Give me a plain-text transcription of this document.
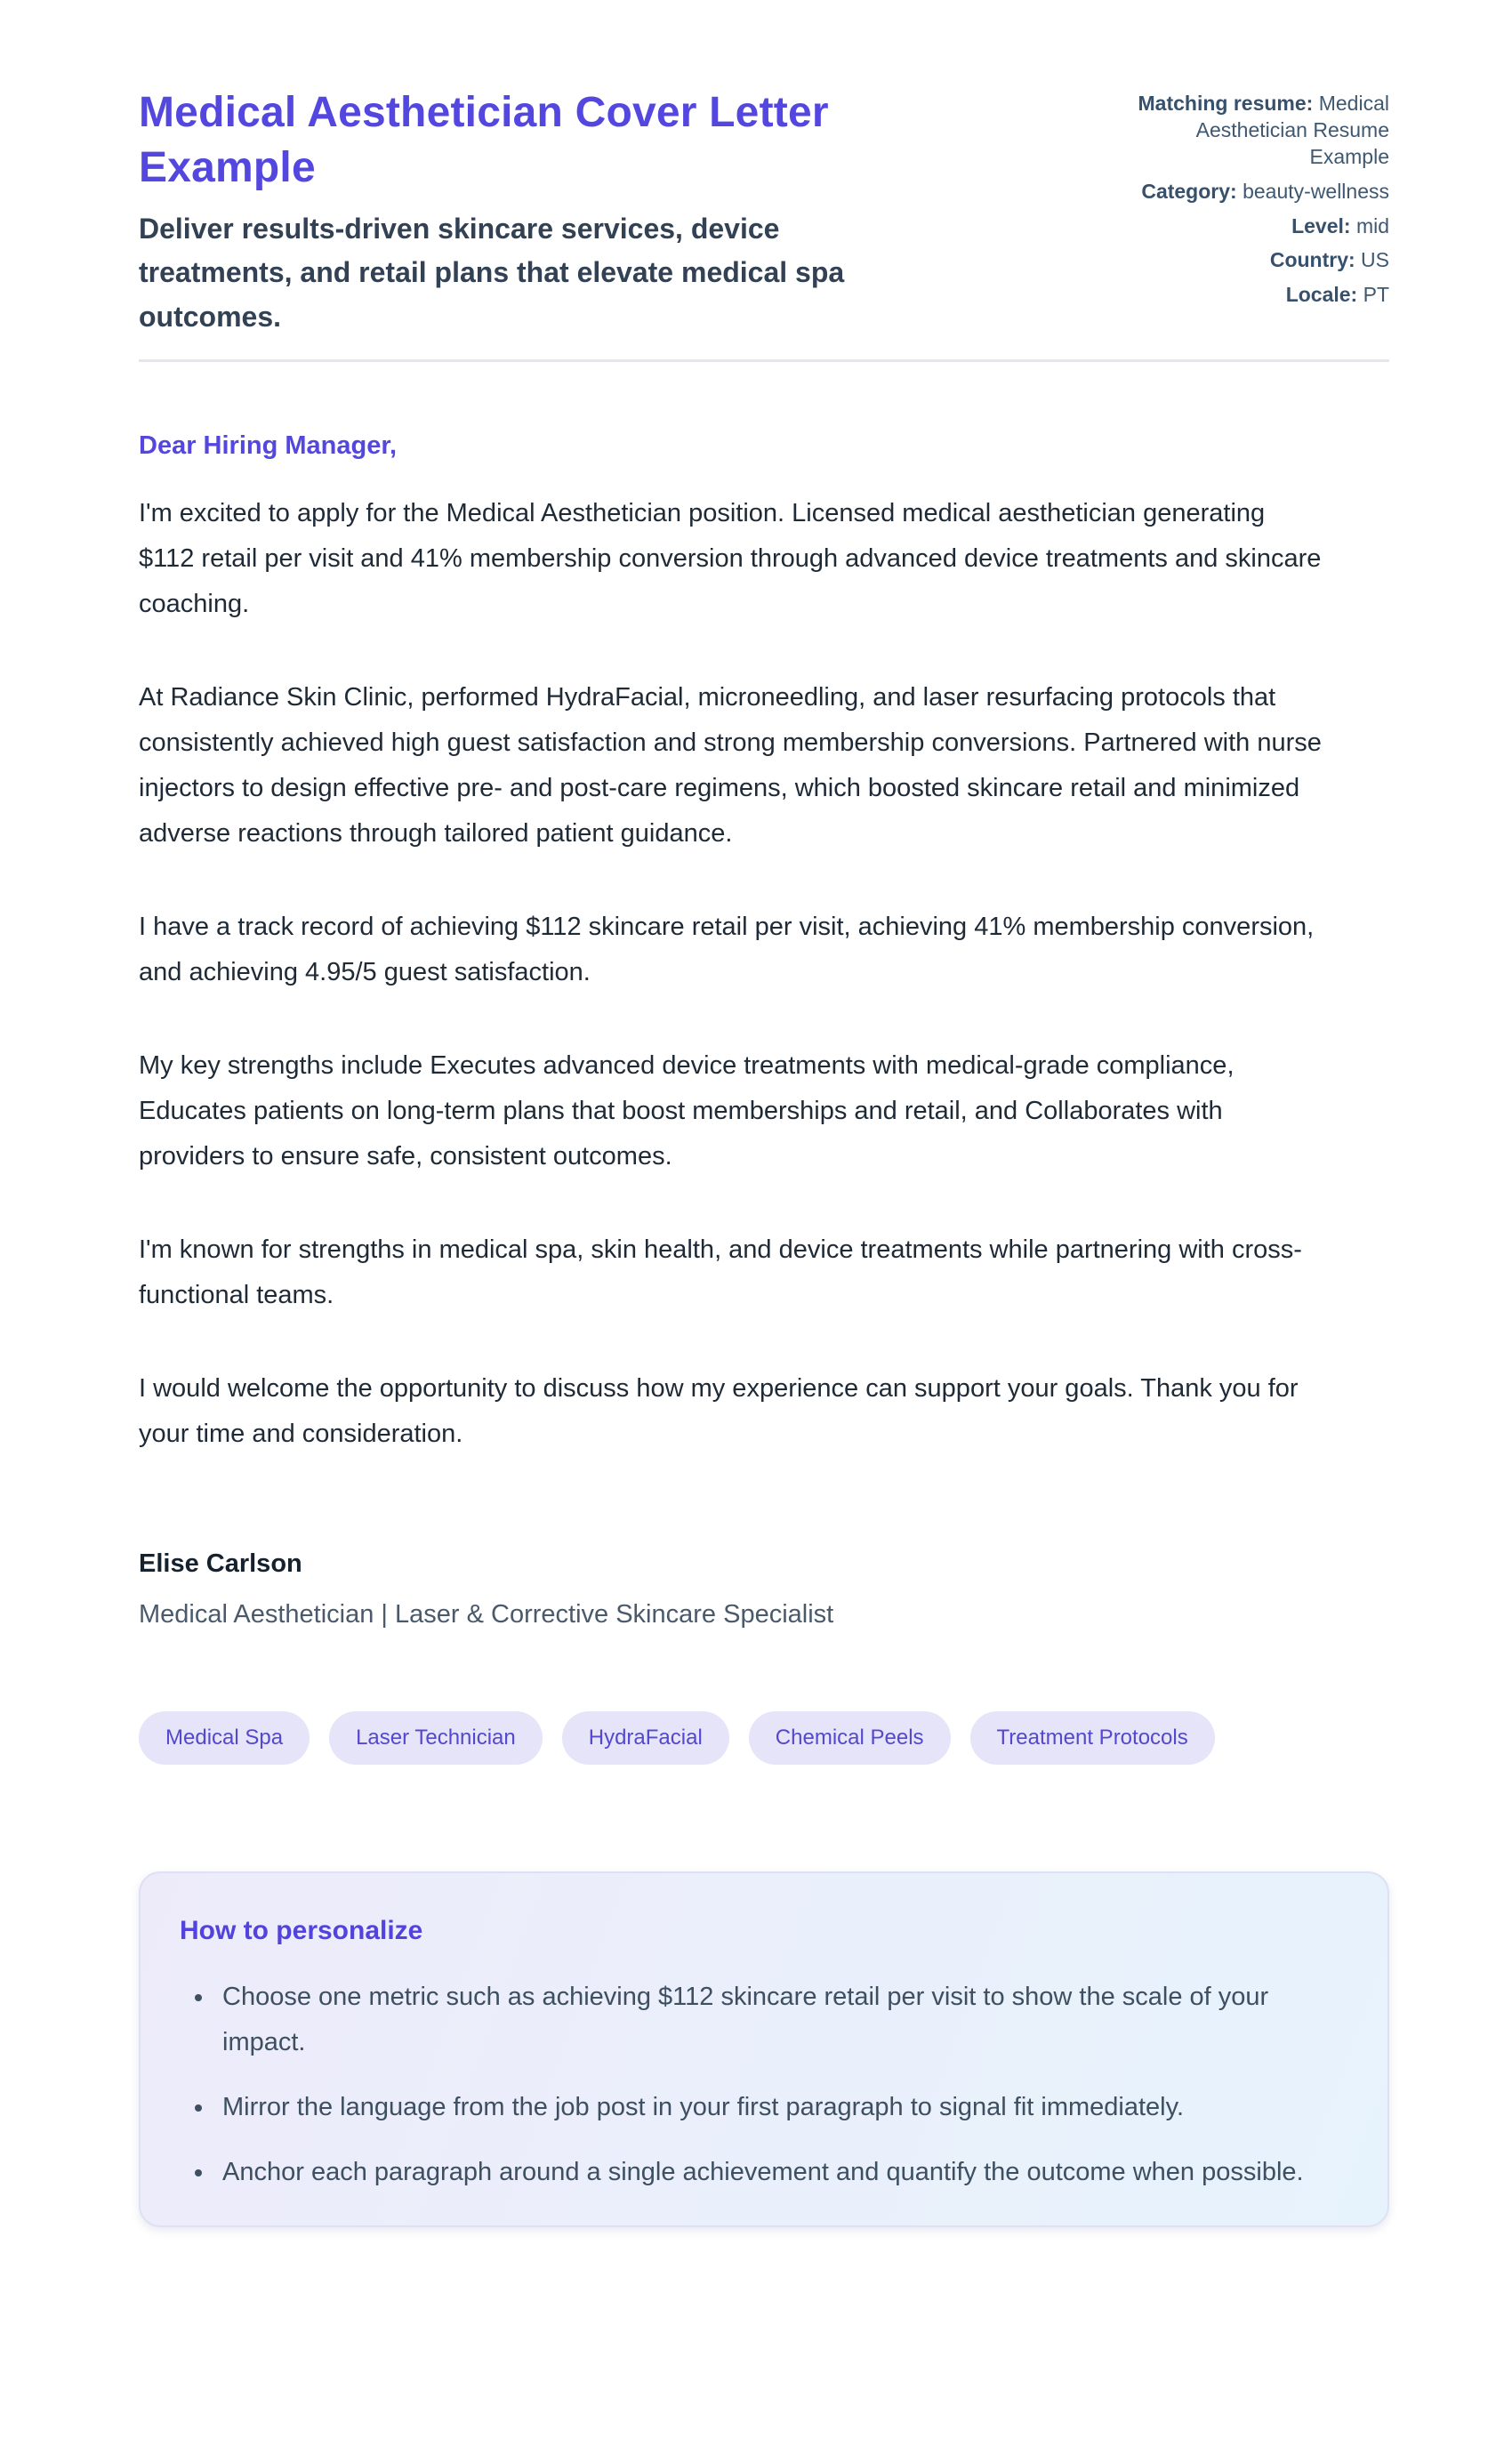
Medical Aesthetician Cover Letter Example
Deliver results-driven skincare services, device treatments, and retail plans that elevate medical spa outcomes.
Matching resume: Medical Aesthetician Resume Example
Category: beauty-wellness
Level: mid
Country: US
Locale: PT
Dear Hiring Manager,

I'm excited to apply for the Medical Aesthetician position. Licensed medical aesthetician generating $112 retail per visit and 41% membership conversion through advanced device treatments and skincare coaching.

At Radiance Skin Clinic, performed HydraFacial, microneedling, and laser resurfacing protocols that consistently achieved high guest satisfaction and strong membership conversions. Partnered with nurse injectors to design effective pre- and post-care regimens, which boosted skincare retail and minimized adverse reactions through tailored patient guidance.

I have a track record of achieving $112 skincare retail per visit, achieving 41% membership conversion, and achieving 4.95/5 guest satisfaction.

My key strengths include Executes advanced device treatments with medical-grade compliance, Educates patients on long-term plans that boost memberships and retail, and Collaborates with providers to ensure safe, consistent outcomes.

I'm known for strengths in medical spa, skin health, and device treatments while partnering with cross-functional teams.

I would welcome the opportunity to discuss how my experience can support your goals. Thank you for your time and consideration.

Elise Carlson
Medical Aesthetician | Laser & Corrective Skincare Specialist
Medical Spa	Laser Technician	HydraFacial	Chemical Peels	Treatment Protocols
How to personalize
• Choose one metric such as achieving $112 skincare retail per visit to show the scale of your impact.
• Mirror the language from the job post in your first paragraph to signal fit immediately.
• Anchor each paragraph around a single achievement and quantify the outcome when possible.
